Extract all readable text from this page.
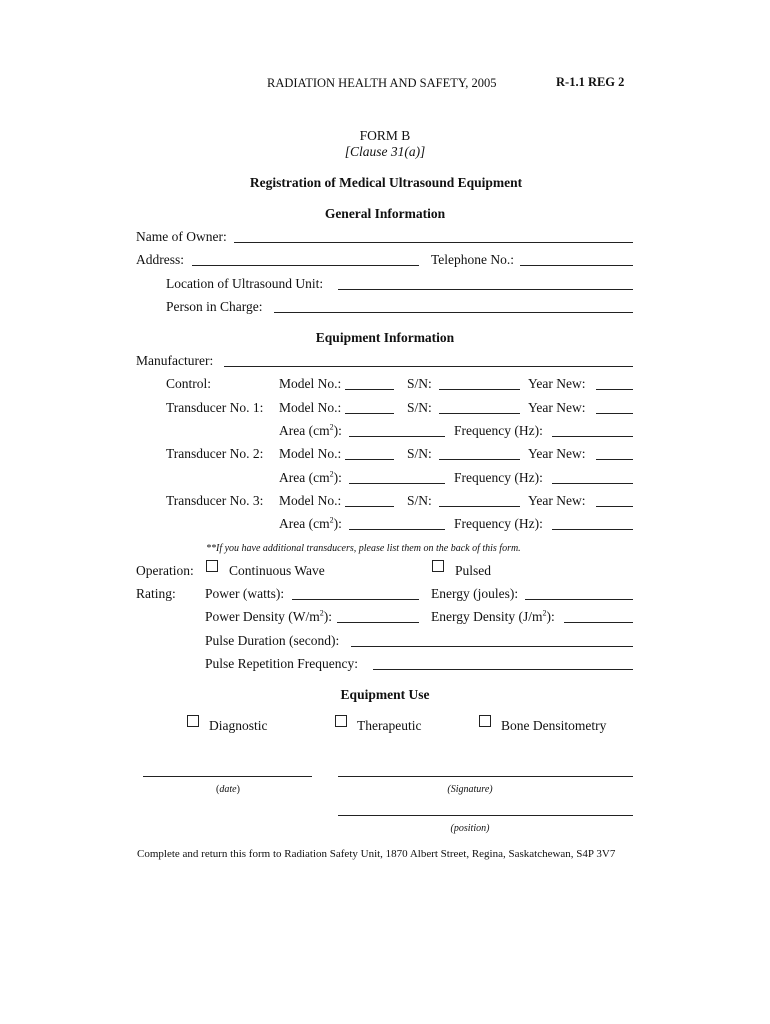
RADIATION HEALTH AND SAFETY, 2005	R-1.1 REG 2
FORM B
[Clause 31(a)]
Registration of Medical Ultrasound Equipment
General Information
Name of Owner:
Address:	Telephone No.:
Location of Ultrasound Unit:
Person in Charge:
Equipment Information
Manufacturer:
Control:	Model No.:	S/N:	Year New:
Transducer No. 1: Model No.:	S/N:	Year New:
Area $(cm^2)$:	Frequency (Hz):
Transducer No. 2: Model No.:	S/N:	Year New:
Area $(cm^2)$:	Frequency (Hz):
Transducer No. 3: Model No.:	S/N:	Year New:
Area $(cm^2)$:	Frequency (Hz):
**If you have additional transducers, please list them on the back of this form.
Operation:	Continuous Wave	Pulsed
Rating: Power (watts):	Energy (joules):
Power Density $(W/m^2)$:	Energy Density $(J/m^2)$:
Pulse Duration (second):
Pulse Repetition Frequency:
Equipment Use
Diagnostic	Therapeutic	Bone Densitometry
(date)	(Signature)
(position)
Complete and return this form to Radiation Safety Unit, 1870 Albert Street, Regina, Saskatchewan, S4P 3V7
